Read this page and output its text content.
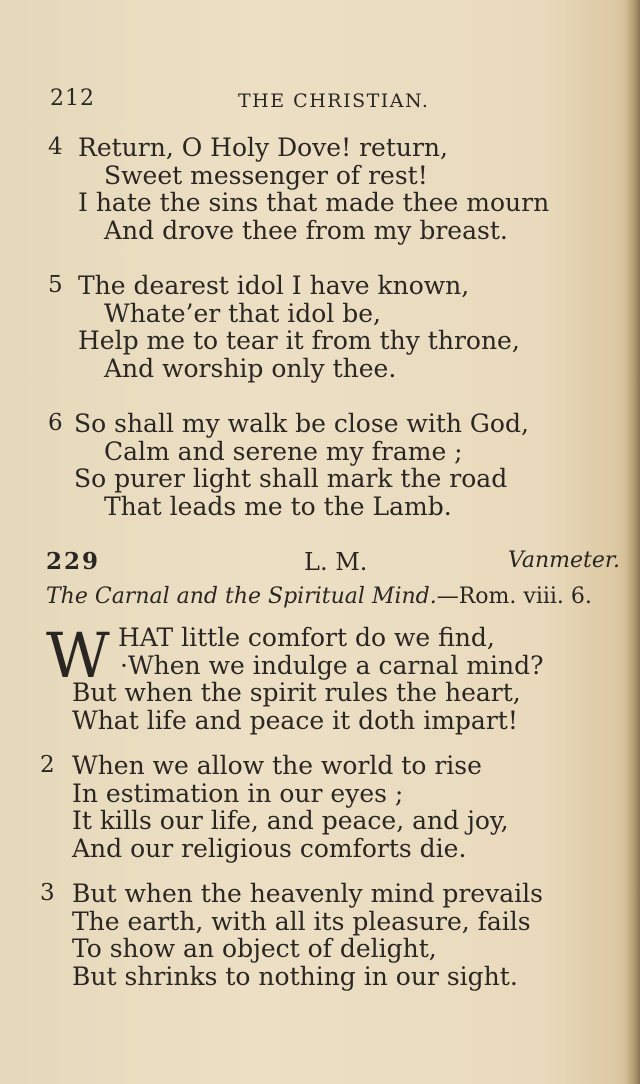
212	THE CHRISTIAN.
4 Return, O Holy Dove! return,
Sweet messenger of rest!
I hate the sins that made thee mourn
And drove thee from my breast.
5 The dearest idol I have known,
Whate’er that idol be,
Help me to tear it from thy throne,
And worship only thee.
6 So shall my walk be close with God,
Calm and serene my frame ;
So purer light shall mark the road
That leads me to the Lamb.
229	L. M.	Vanmeter.
The Carnal and the Spiritual Mind.—Rom. viii. 6.
W HAT little comfort do we find,
·When we indulge a carnal mind?
But when the spirit rules the heart,
What life and peace it doth impart!
2 When we allow the world to rise
In estimation in our eyes ;
It kills our life, and peace, and joy,
And our religious comforts die.
3 But when the heavenly mind prevails
The earth, with all its pleasure, fails
To show an object of delight,
But shrinks to nothing in our sight.
